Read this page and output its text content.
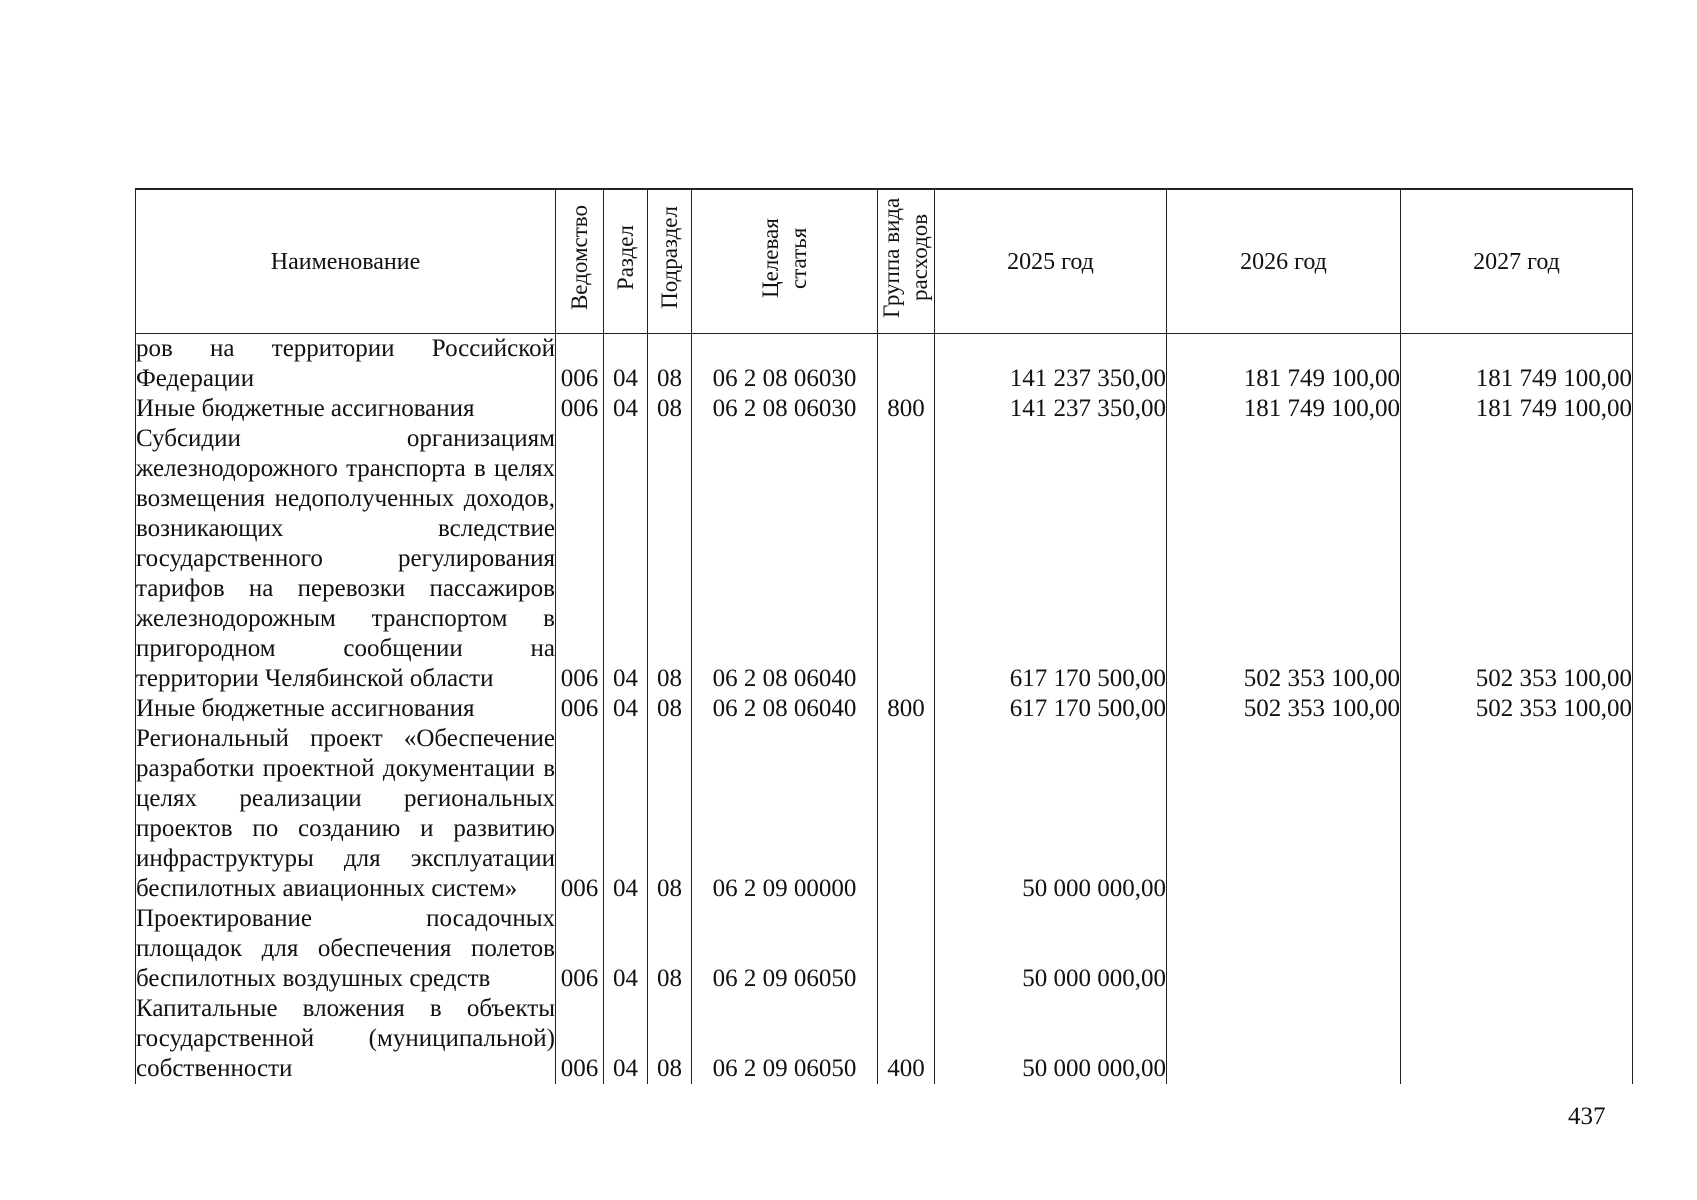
Наименование	Ведомство	Раздел	Подраздел	Целевая статья	Группа вида расходов	2025 год	2026 год	2027 год
ров на территории Российской Федерации	006	04	08	06 2 08 06030		141 237 350,00	181 749 100,00	181 749 100,00
Иные бюджетные ассигнования	006	04	08	06 2 08 06030	800	141 237 350,00	181 749 100,00	181 749 100,00
Субсидии организациям железнодорожного транспорта в целях возмещения недополученных доходов, возникающих вследствие государственного регулирования тарифов на перевозки пассажиров железнодорожным транспортом в пригородном сообщении на территории Челябинской области	006	04	08	06 2 08 06040		617 170 500,00	502 353 100,00	502 353 100,00
Иные бюджетные ассигнования	006	04	08	06 2 08 06040	800	617 170 500,00	502 353 100,00	502 353 100,00
Региональный проект «Обеспечение разработки проектной документации в целях реализации региональных проектов по созданию и развитию инфраструктуры для эксплуатации беспилотных авиационных систем»	006	04	08	06 2 09 00000		50 000 000,00		
Проектирование посадочных площадок для обеспечения полетов беспилотных воздушных средств	006	04	08	06 2 09 06050		50 000 000,00		
Капитальные вложения в объекты государственной (муниципальной) собственности	006	04	08	06 2 09 06050	400	50 000 000,00		
437
